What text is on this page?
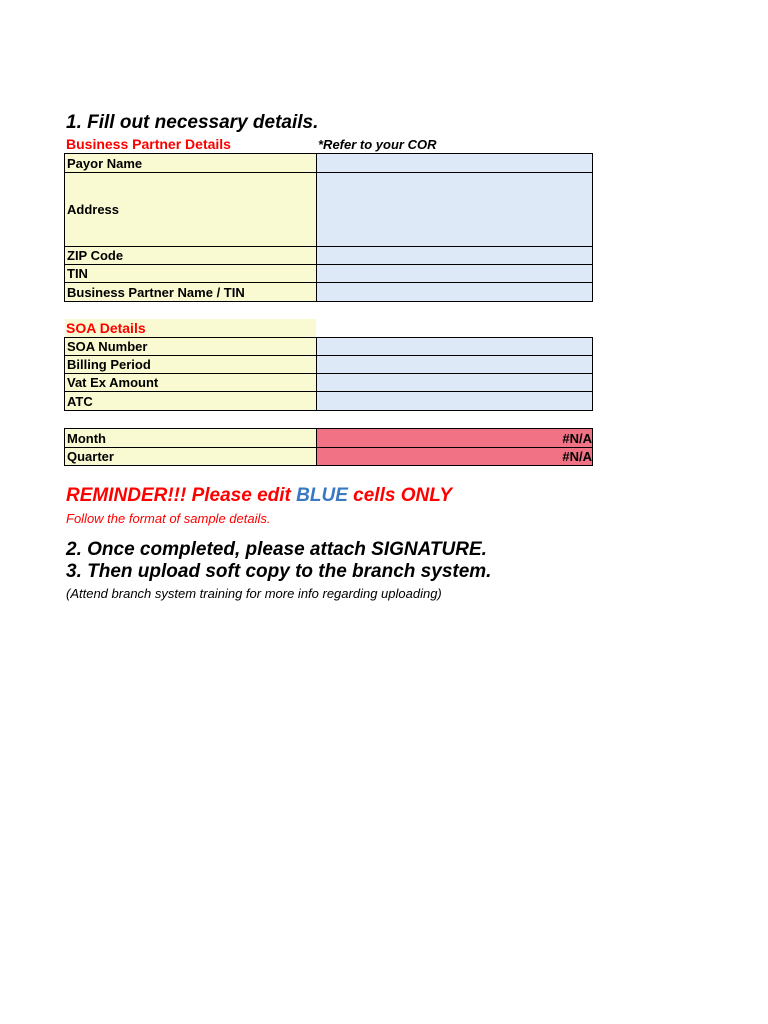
1. Fill out necessary details.
Business Partner Details	*Refer to your COR
Payor Name	
Address	
ZIP Code	
TIN	
Business Partner Name / TIN	
SOA Details
SOA Number	
Billing Period	
Vat Ex Amount	
ATC	
Month	#N/A
Quarter	#N/A
REMINDER!!! Please edit BLUE cells ONLY
Follow the format of sample details.
2. Once completed, please attach SIGNATURE.
3. Then upload soft copy to the branch system.
(Attend branch system training for more info regarding uploading)
